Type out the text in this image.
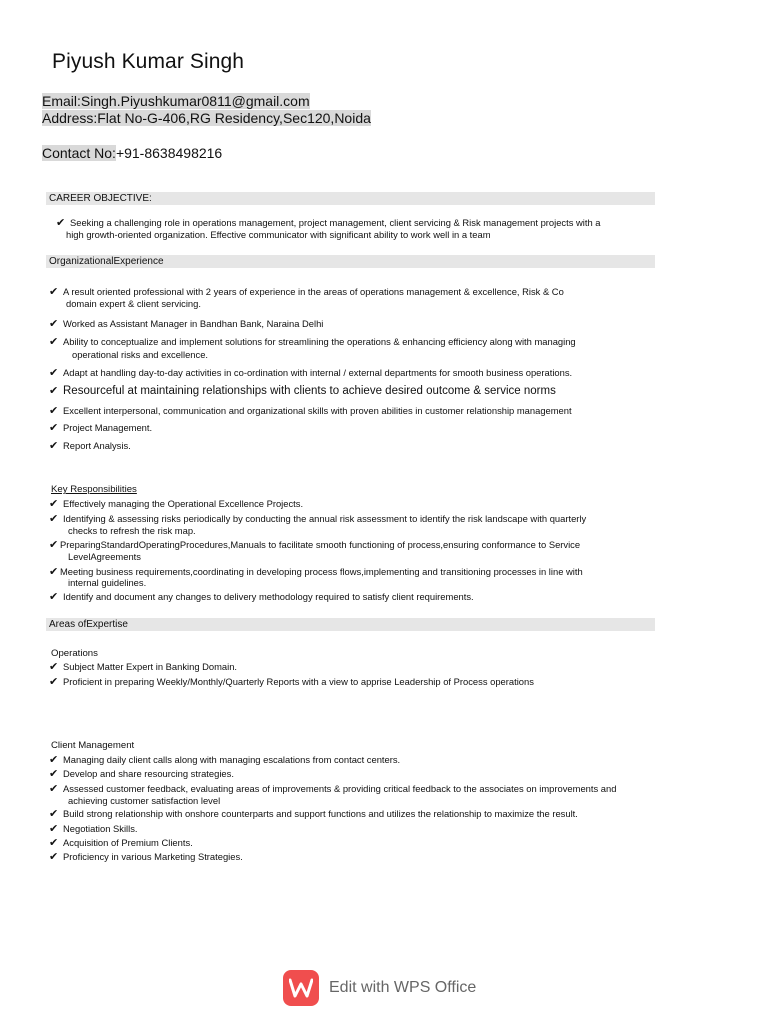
Piyush Kumar Singh
Email:Singh.Piyushkumar0811@gmail.com
Address:Flat No-G-406,RG Residency,Sec120,Noida
Contact No:+91-8638498216
CAREER OBJECTIVE:
✔ Seeking a challenging role in operations management, project management, client servicing & Risk management projects with a
high growth-oriented organization. Effective communicator with significant ability to work well in a team
OrganizationalExperience
✔ A result oriented professional with 2 years of experience in the areas of operations management & excellence, Risk & Co
domain expert & client servicing.
✔ Worked as Assistant Manager in Bandhan Bank, Naraina Delhi
✔ Ability to conceptualize and implement solutions for streamlining the operations & enhancing efficiency along with managing
operational risks and excellence.
✔ Adapt at handling day-to-day activities in co-ordination with internal / external departments for smooth business operations.
✔ Resourceful at maintaining relationships with clients to achieve desired outcome & service norms
✔ Excellent interpersonal, communication and organizational skills with proven abilities in customer relationship management
✔ Project Management.
✔ Report Analysis.
Key Responsibilities
✔ Effectively managing the Operational Excellence Projects.
✔ Identifying & assessing risks periodically by conducting the annual risk assessment to identify the risk landscape with quarterly
checks to refresh the risk map.
✔ PreparingStandardOperatingProcedures,Manuals to facilitate smooth functioning of process,ensuring conformance to Service
LevelAgreements
✔ Meeting business requirements,coordinating in developing process flows,implementing and transitioning processes in line with
internal guidelines.
✔ Identify and document any changes to delivery methodology required to satisfy client requirements.
Areas ofExpertise
Operations
✔ Subject Matter Expert in Banking Domain.
✔ Proficient in preparing Weekly/Monthly/Quarterly Reports with a view to apprise Leadership of Process operations
Client Management
✔ Managing daily client calls along with managing escalations from contact centers.
✔ Develop and share resourcing strategies.
✔ Assessed customer feedback, evaluating areas of improvements & providing critical feedback to the associates on improvements and
achieving customer satisfaction level
✔ Build strong relationship with onshore counterparts and support functions and utilizes the relationship to maximize the result.
✔ Negotiation Skills.
✔ Acquisition of Premium Clients.
✔ Proficiency in various Marketing Strategies.
Edit with WPS Office
